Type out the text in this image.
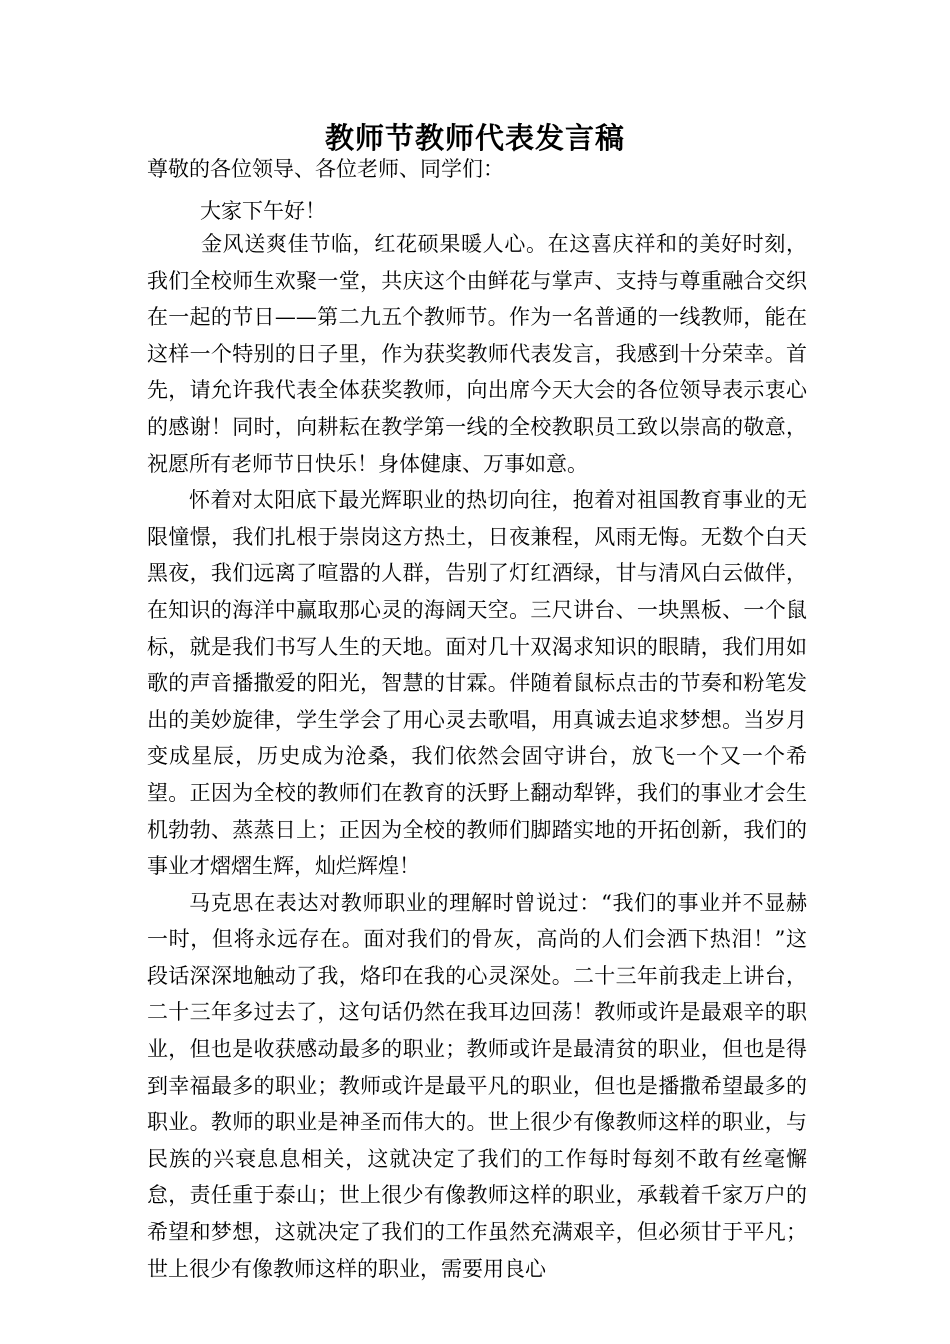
教师节教师代表发言稿

尊敬的各位领导、各位老师、同学们：

大家下午好！

金风送爽佳节临，红花硕果暖人心。在这喜庆祥和的美好时刻，我们全校师生欢聚一堂，共庆这个由鲜花与掌声、支持与尊重融合交织在一起的节日——第二九五个教师节。作为一名普通的一线教师，能在这样一个特别的日子里，作为获奖教师代表发言，我感到十分荣幸。首先，请允许我代表全体获奖教师，向出席今天大会的各位领导表示衷心的感谢！同时，向耕耘在教学第一线的全校教职员工致以崇高的敬意，祝愿所有老师节日快乐！身体健康、万事如意。

怀着对太阳底下最光辉职业的热切向往，抱着对祖国教育事业的无限憧憬，我们扎根于崇岗这方热土，日夜兼程，风雨无悔。无数个白天黑夜，我们远离了喧嚣的人群，告别了灯红酒绿，甘与清风白云做伴，在知识的海洋中赢取那心灵的海阔天空。三尺讲台、一块黑板、一个鼠标，就是我们书写人生的天地。面对几十双渴求知识的眼睛，我们用如歌的声音播撒爱的阳光，智慧的甘霖。伴随着鼠标点击的节奏和粉笔发出的美妙旋律，学生学会了用心灵去歌唱，用真诚去追求梦想。当岁月变成星辰，历史成为沧桑，我们依然会固守讲台，放飞一个又一个希望。正因为全校的教师们在教育的沃野上翻动犁铧，我们的事业才会生机勃勃、蒸蒸日上；正因为全校的教师们脚踏实地的开拓创新，我们的事业才熠熠生辉，灿烂辉煌！

马克思在表达对教师职业的理解时曾说过：“我们的事业并不显赫一时，但将永远存在。面对我们的骨灰，高尚的人们会洒下热泪！”这段话深深地触动了我，烙印在我的心灵深处。二十三年前我走上讲台，二十三年多过去了，这句话仍然在我耳边回荡！教师或许是最艰辛的职业，但也是收获感动最多的职业；教师或许是最清贫的职业，但也是得到幸福最多的职业；教师或许是最平凡的职业，但也是播撒希望最多的职业。教师的职业是神圣而伟大的。世上很少有像教师这样的职业，与民族的兴衰息息相关，这就决定了我们的工作每时每刻不敢有丝毫懈怠，责任重于泰山；世上很少有像教师这样的职业，承载着千家万户的希望和梦想，这就决定了我们的工作虽然充满艰辛，但必须甘于平凡；世上很少有像教师这样的职业，需要用良心
